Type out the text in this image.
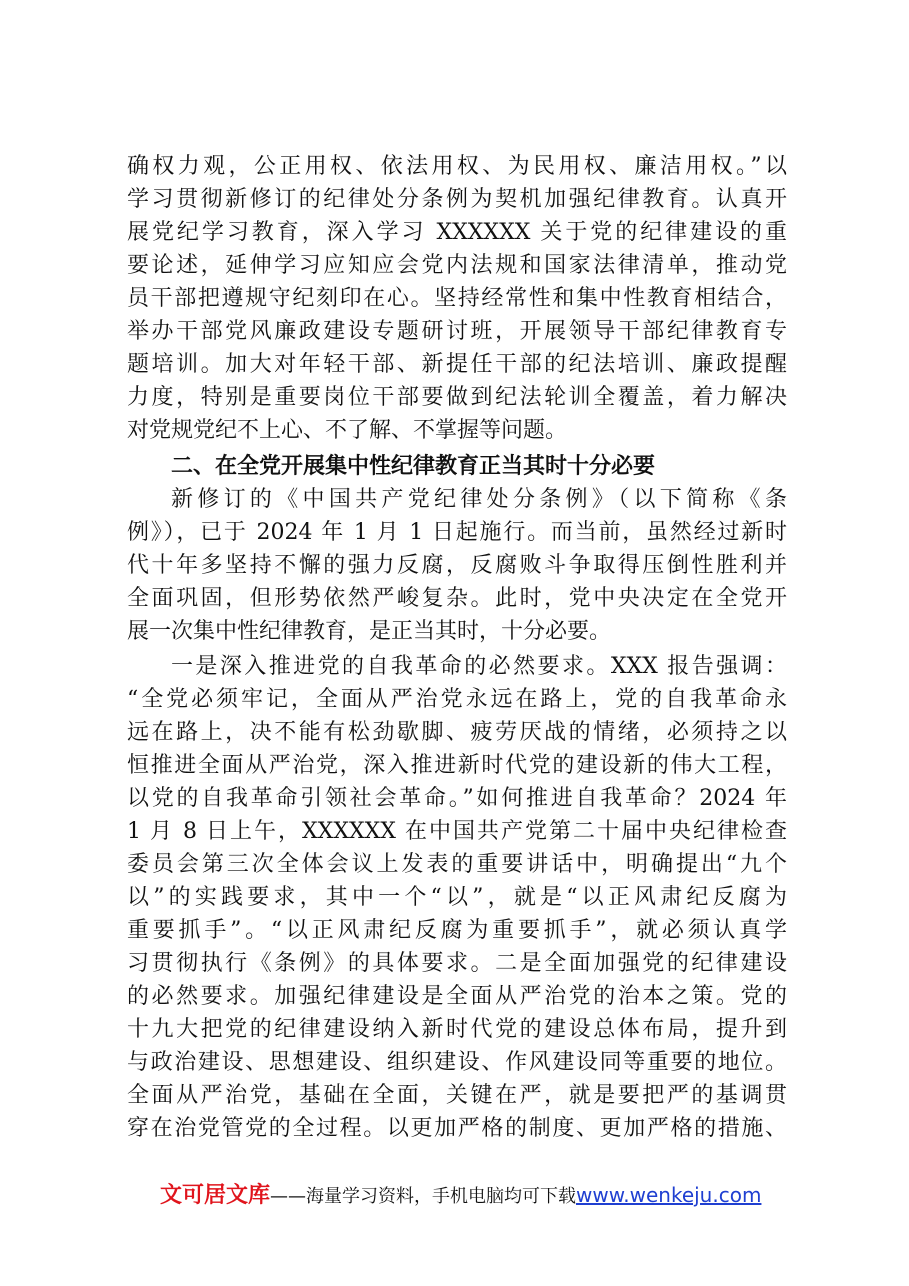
确权力观，公正用权、依法用权、为民用权、廉洁用权。”以
学习贯彻新修订的纪律处分条例为契机加强纪律教育。认真开
展党纪学习教育，深入学习 XXXXXX 关于党的纪律建设的重
要论述，延伸学习应知应会党内法规和国家法律清单，推动党
员干部把遵规守纪刻印在心。坚持经常性和集中性教育相结合，
举办干部党风廉政建设专题研讨班，开展领导干部纪律教育专
题培训。加大对年轻干部、新提任干部的纪法培训、廉政提醒
力度，特别是重要岗位干部要做到纪法轮训全覆盖，着力解决
对党规党纪不上心、不了解、不掌握等问题。
二、在全党开展集中性纪律教育正当其时十分必要
新修订的《中国共产党纪律处分条例》（以下简称《条
例》），已于 2024 年 1 月 1 日起施行。而当前，虽然经过新时
代十年多坚持不懈的强力反腐，反腐败斗争取得压倒性胜利并
全面巩固，但形势依然严峻复杂。此时，党中央决定在全党开
展一次集中性纪律教育，是正当其时，十分必要。
一是深入推进党的自我革命的必然要求。XXX 报告强调：
“全党必须牢记，全面从严治党永远在路上，党的自我革命永
远在路上，决不能有松劲歇脚、疲劳厌战的情绪，必须持之以
恒推进全面从严治党，深入推进新时代党的建设新的伟大工程，
以党的自我革命引领社会革命。”如何推进自我革命？2024 年
1 月 8 日上午，XXXXXX 在中国共产党第二十届中央纪律检查
委员会第三次全体会议上发表的重要讲话中，明确提出“九个
以”的实践要求，其中一个“以”，就是“以正风肃纪反腐为
重要抓手”。“以正风肃纪反腐为重要抓手”，就必须认真学
习贯彻执行《条例》的具体要求。二是全面加强党的纪律建设
的必然要求。加强纪律建设是全面从严治党的治本之策。党的
十九大把党的纪律建设纳入新时代党的建设总体布局，提升到
与政治建设、思想建设、组织建设、作风建设同等重要的地位。
全面从严治党，基础在全面，关键在严，就是要把严的基调贯
穿在治党管党的全过程。以更加严格的制度、更加严格的措施、
文可居文库——海量学习资料，手机电脑均可下载www.wenkeju.com
